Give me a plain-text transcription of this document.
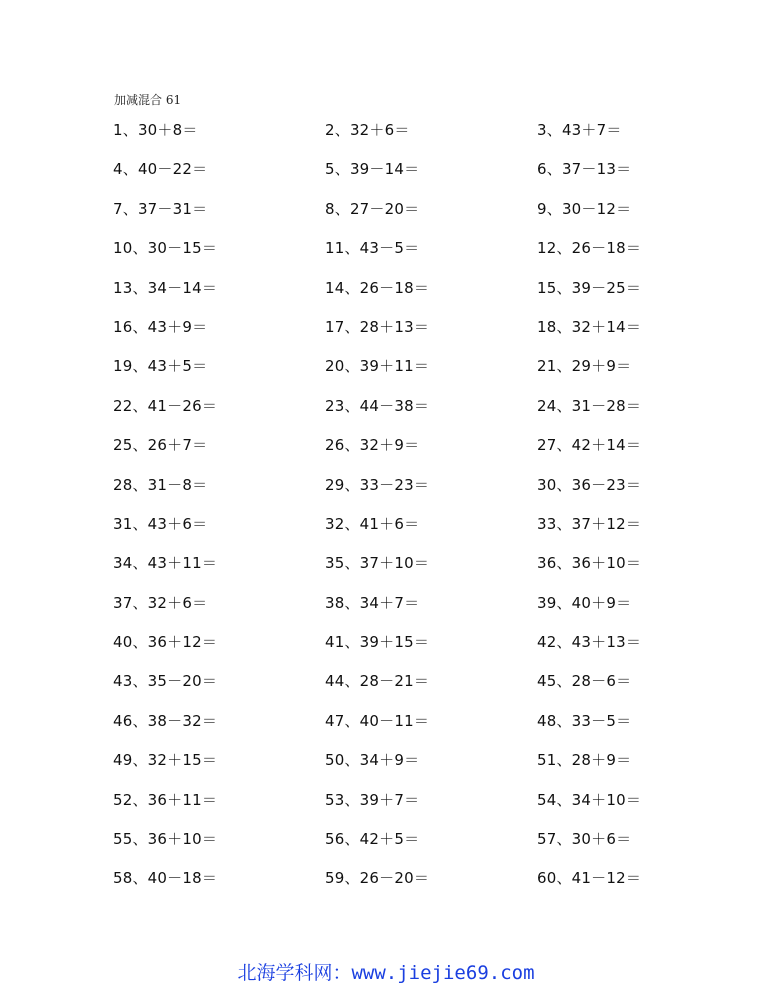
加减混合 61
1、30＋8＝	2、32＋6＝	3、43＋7＝
4、40－22＝	5、39－14＝	6、37－13＝
7、37－31＝	8、27－20＝	9、30－12＝
10、30－15＝	11、43－5＝	12、26－18＝
13、34－14＝	14、26－18＝	15、39－25＝
16、43＋9＝	17、28＋13＝	18、32＋14＝
19、43＋5＝	20、39＋11＝	21、29＋9＝
22、41－26＝	23、44－38＝	24、31－28＝
25、26＋7＝	26、32＋9＝	27、42＋14＝
28、31－8＝	29、33－23＝	30、36－23＝
31、43＋6＝	32、41＋6＝	33、37＋12＝
34、43＋11＝	35、37＋10＝	36、36＋10＝
37、32＋6＝	38、34＋7＝	39、40＋9＝
40、36＋12＝	41、39＋15＝	42、43＋13＝
43、35－20＝	44、28－21＝	45、28－6＝
46、38－32＝	47、40－11＝	48、33－5＝
49、32＋15＝	50、34＋9＝	51、28＋9＝
52、36＋11＝	53、39＋7＝	54、34＋10＝
55、36＋10＝	56、42＋5＝	57、30＋6＝
58、40－18＝	59、26－20＝	60、41－12＝
北海学科网：www.jiejie69.com
